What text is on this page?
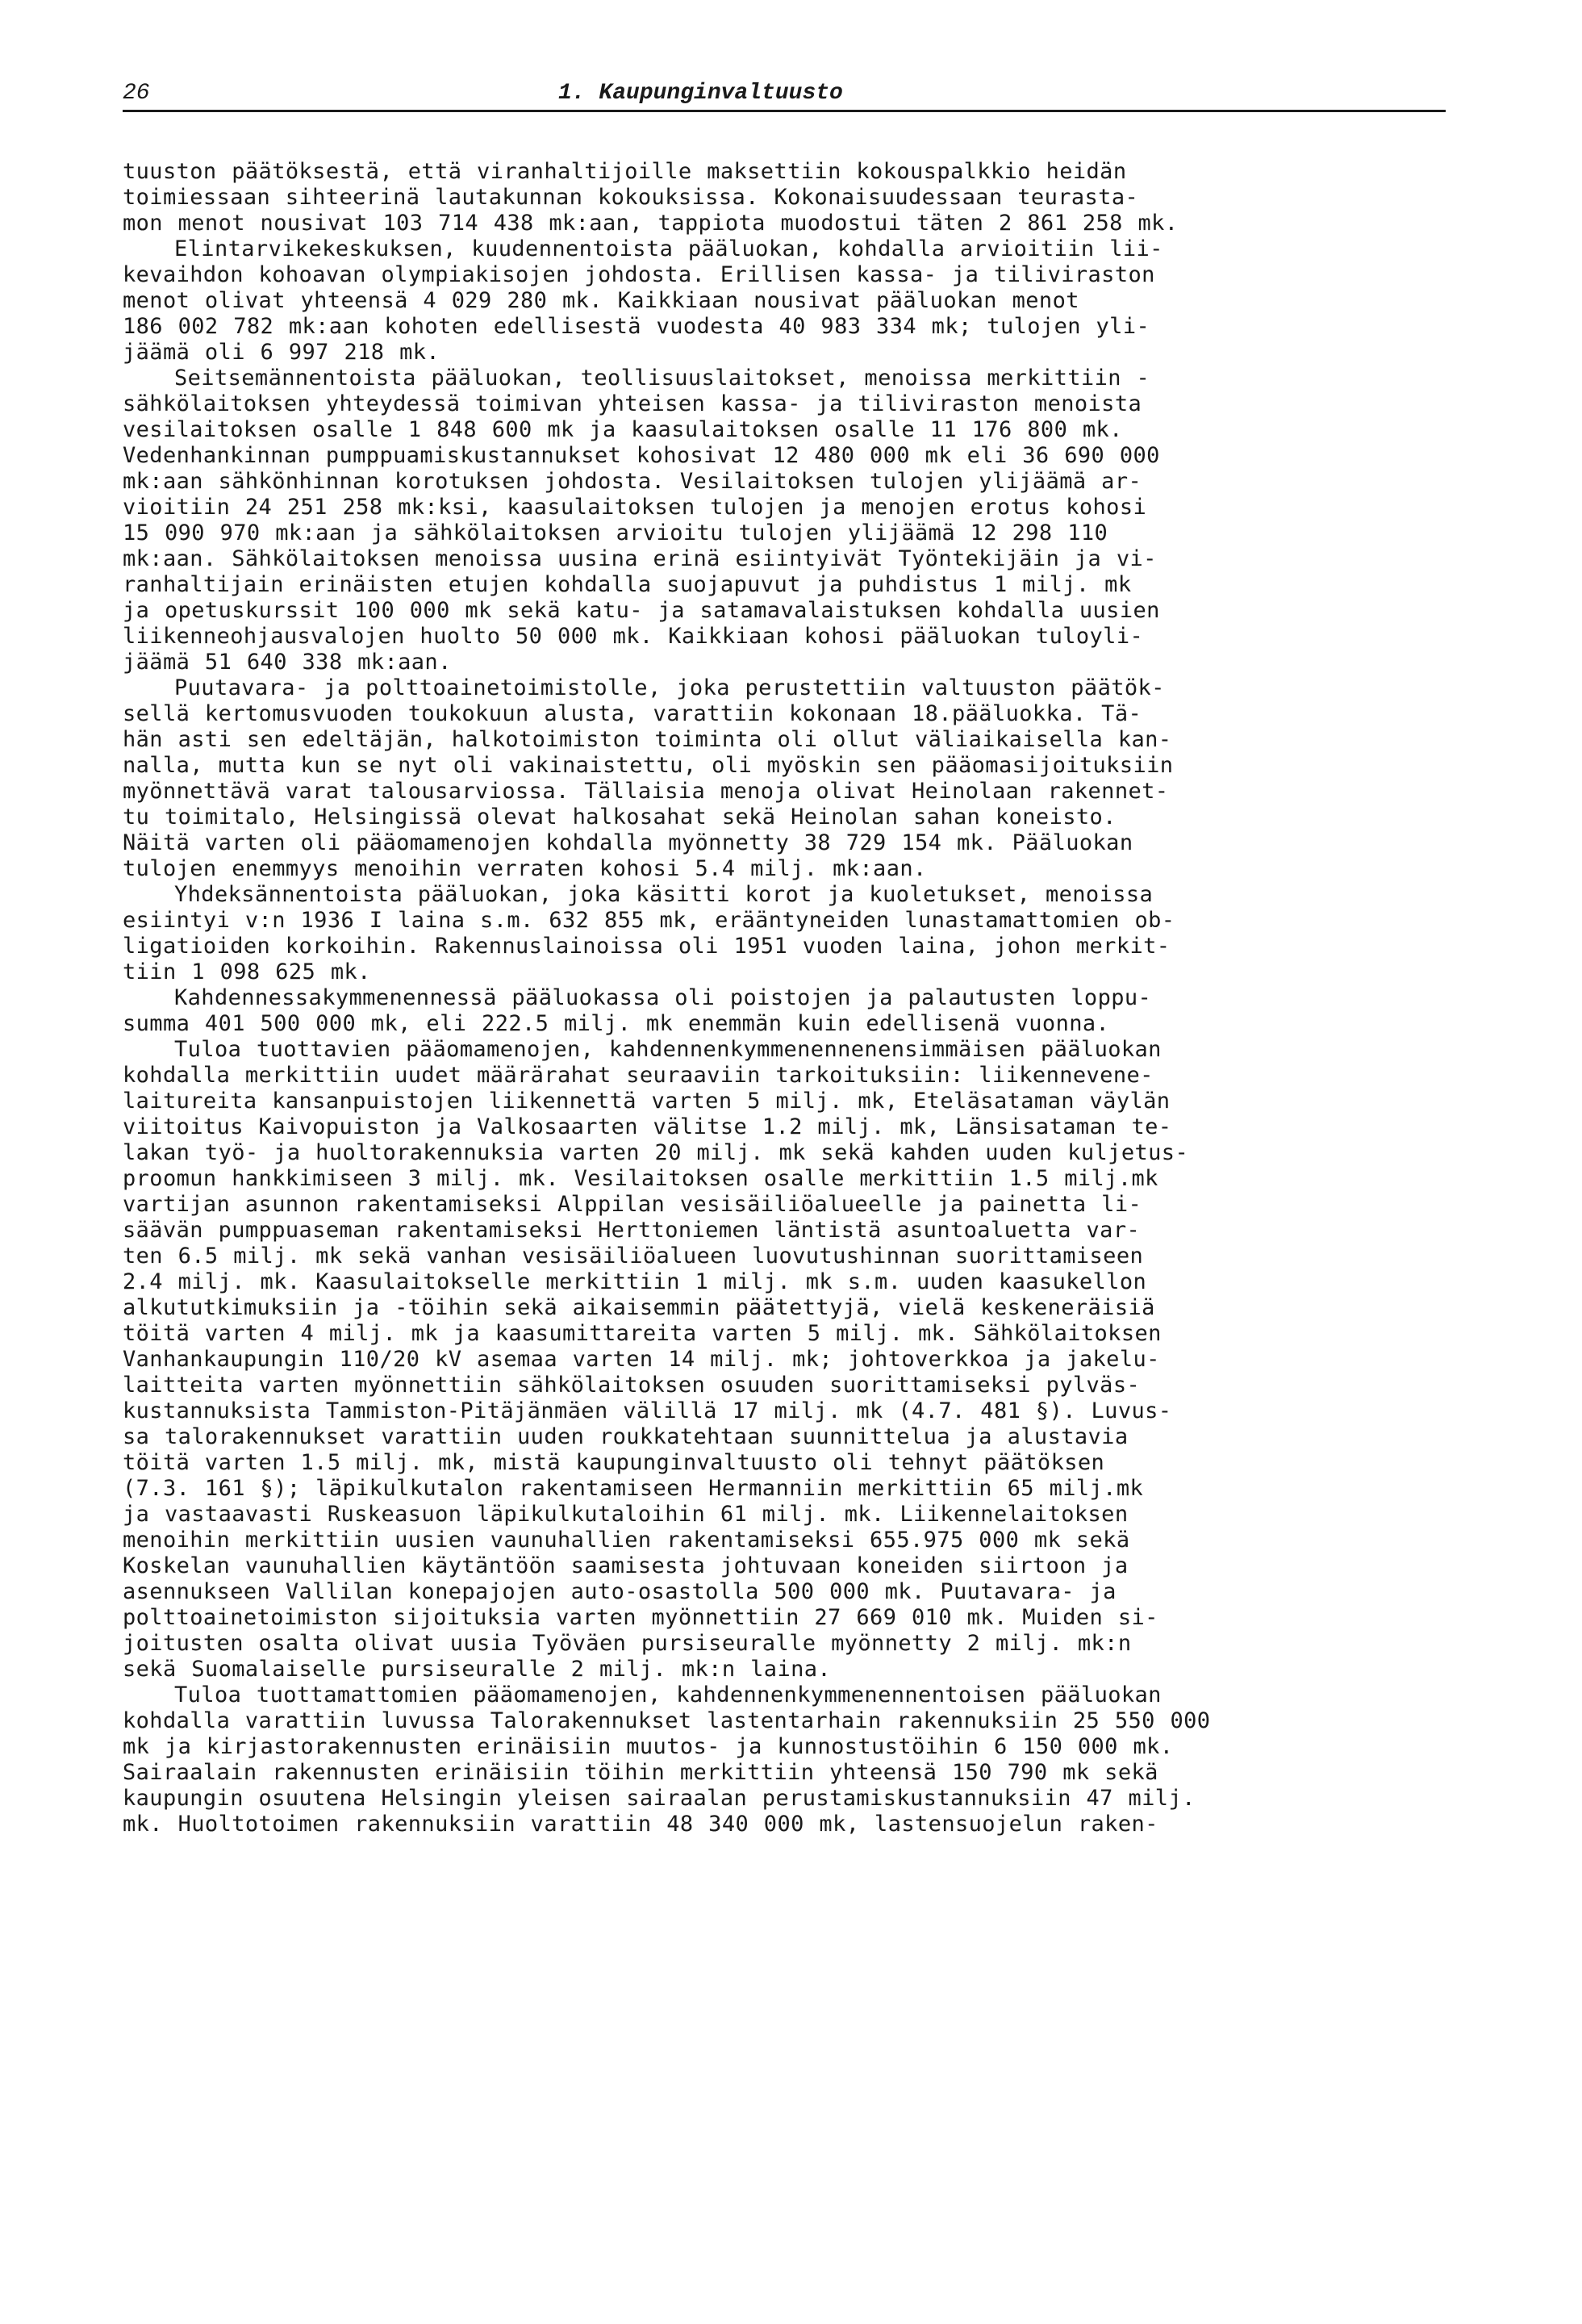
26	1. Kaupunginvaltuusto
tuuston päätöksestä, että viranhaltijoille maksettiin kokouspalkkio heidän
toimiessaan sihteerinä lautakunnan kokouksissa. Kokonaisuudessaan teurasta-
mon menot nousivat 103 714 438 mk:aan, tappiota muodostui täten 2 861 258 mk.
Elintarvikekeskuksen, kuudennentoista pääluokan, kohdalla arvioitiin lii-
kevaihdon kohoavan olympiakisojen johdosta. Erillisen kassa- ja tiliviraston
menot olivat yhteensä 4 029 280 mk. Kaikkiaan nousivat pääluokan menot
186 002 782 mk:aan kohoten edellisestä vuodesta 40 983 334 mk; tulojen yli-
jäämä oli 6 997 218 mk.
Seitsemännentoista pääluokan, teollisuuslaitokset, menoissa merkittiin -
sähkölaitoksen yhteydessä toimivan yhteisen kassa- ja tiliviraston menoista
vesilaitoksen osalle 1 848 600 mk ja kaasulaitoksen osalle 11 176 800 mk.
Vedenhankinnan pumppuamiskustannukset kohosivat 12 480 000 mk eli 36 690 000
mk:aan sähkönhinnan korotuksen johdosta. Vesilaitoksen tulojen ylijäämä ar-
vioitiin 24 251 258 mk:ksi, kaasulaitoksen tulojen ja menojen erotus kohosi
15 090 970 mk:aan ja sähkölaitoksen arvioitu tulojen ylijäämä 12 298 110
mk:aan. Sähkölaitoksen menoissa uusina erinä esiintyivät Työntekijäin ja vi-
ranhaltijain erinäisten etujen kohdalla suojapuvut ja puhdistus 1 milj. mk
ja opetuskurssit 100 000 mk sekä katu- ja satamavalaistuksen kohdalla uusien
liikenneohjausvalojen huolto 50 000 mk. Kaikkiaan kohosi pääluokan tuloyli-
jäämä 51 640 338 mk:aan.
Puutavara- ja polttoainetoimistolle, joka perustettiin valtuuston päätök-
sellä kertomusvuoden toukokuun alusta, varattiin kokonaan 18.pääluokka. Tä-
hän asti sen edeltäjän, halkotoimiston toiminta oli ollut väliaikaisella kan-
nalla, mutta kun se nyt oli vakinaistettu, oli myöskin sen pääomasijoituksiin
myönnettävä varat talousarviossa. Tällaisia menoja olivat Heinolaan rakennet-
tu toimitalo, Helsingissä olevat halkosahat sekä Heinolan sahan koneisto.
Näitä varten oli pääomamenojen kohdalla myönnetty 38 729 154 mk. Pääluokan
tulojen enemmyys menoihin verraten kohosi 5.4 milj. mk:aan.
Yhdeksännentoista pääluokan, joka käsitti korot ja kuoletukset, menoissa
esiintyi v:n 1936 I laina s.m. 632 855 mk, erääntyneiden lunastamattomien ob-
ligatioiden korkoihin. Rakennuslainoissa oli 1951 vuoden laina, johon merkit-
tiin 1 098 625 mk.
Kahdennessakymmenennessä pääluokassa oli poistojen ja palautusten loppu-
summa 401 500 000 mk, eli 222.5 milj. mk enemmän kuin edellisenä vuonna.
Tuloa tuottavien pääomamenojen, kahdennenkymmenennenensimmäisen pääluokan
kohdalla merkittiin uudet määrärahat seuraaviin tarkoituksiin: liikennevene-
laitureita kansanpuistojen liikennettä varten 5 milj. mk, Eteläsataman väylän
viitoitus Kaivopuiston ja Valkosaarten välitse 1.2 milj. mk, Länsisataman te-
lakan työ- ja huoltorakennuksia varten 20 milj. mk sekä kahden uuden kuljetus-
proomun hankkimiseen 3 milj. mk. Vesilaitoksen osalle merkittiin 1.5 milj.mk
vartijan asunnon rakentamiseksi Alppilan vesisäiliöalueelle ja painetta li-
säävän pumppuaseman rakentamiseksi Herttoniemen läntistä asuntoaluetta var-
ten 6.5 milj. mk sekä vanhan vesisäiliöalueen luovutushinnan suorittamiseen
2.4 milj. mk. Kaasulaitokselle merkittiin 1 milj. mk s.m. uuden kaasukellon
alkututkimuksiin ja -töihin sekä aikaisemmin päätettyjä, vielä keskeneräisiä
töitä varten 4 milj. mk ja kaasumittareita varten 5 milj. mk. Sähkölaitoksen
Vanhankaupungin 110/20 kV asemaa varten 14 milj. mk; johtoverkkoa ja jakelu-
laitteita varten myönnettiin sähkölaitoksen osuuden suorittamiseksi pylväs-
kustannuksista Tammiston-Pitäjänmäen välillä 17 milj. mk (4.7. 481 §). Luvus-
sa talorakennukset varattiin uuden roukkatehtaan suunnittelua ja alustavia
töitä varten 1.5 milj. mk, mistä kaupunginvaltuusto oli tehnyt päätöksen
(7.3. 161 §); läpikulkutalon rakentamiseen Hermanniin merkittiin 65 milj.mk
ja vastaavasti Ruskeasuon läpikulkutaloihin 61 milj. mk. Liikennelaitoksen
menoihin merkittiin uusien vaunuhallien rakentamiseksi 655.975 000 mk sekä
Koskelan vaunuhallien käytäntöön saamisesta johtuvaan koneiden siirtoon ja
asennukseen Vallilan konepajojen auto-osastolla 500 000 mk. Puutavara- ja
polttoainetoimiston sijoituksia varten myönnettiin 27 669 010 mk. Muiden si-
joitusten osalta olivat uusia Työväen pursiseuralle myönnetty 2 milj. mk:n
sekä Suomalaiselle pursiseuralle 2 milj. mk:n laina.
Tuloa tuottamattomien pääomamenojen, kahdennenkymmenennentoisen pääluokan
kohdalla varattiin luvussa Talorakennukset lastentarhain rakennuksiin 25 550 000
mk ja kirjastorakennusten erinäisiin muutos- ja kunnostustöihin 6 150 000 mk.
Sairaalain rakennusten erinäisiin töihin merkittiin yhteensä 150 790 mk sekä
kaupungin osuutena Helsingin yleisen sairaalan perustamiskustannuksiin 47 milj.
mk. Huoltotoimen rakennuksiin varattiin 48 340 000 mk, lastensuojelun raken-
